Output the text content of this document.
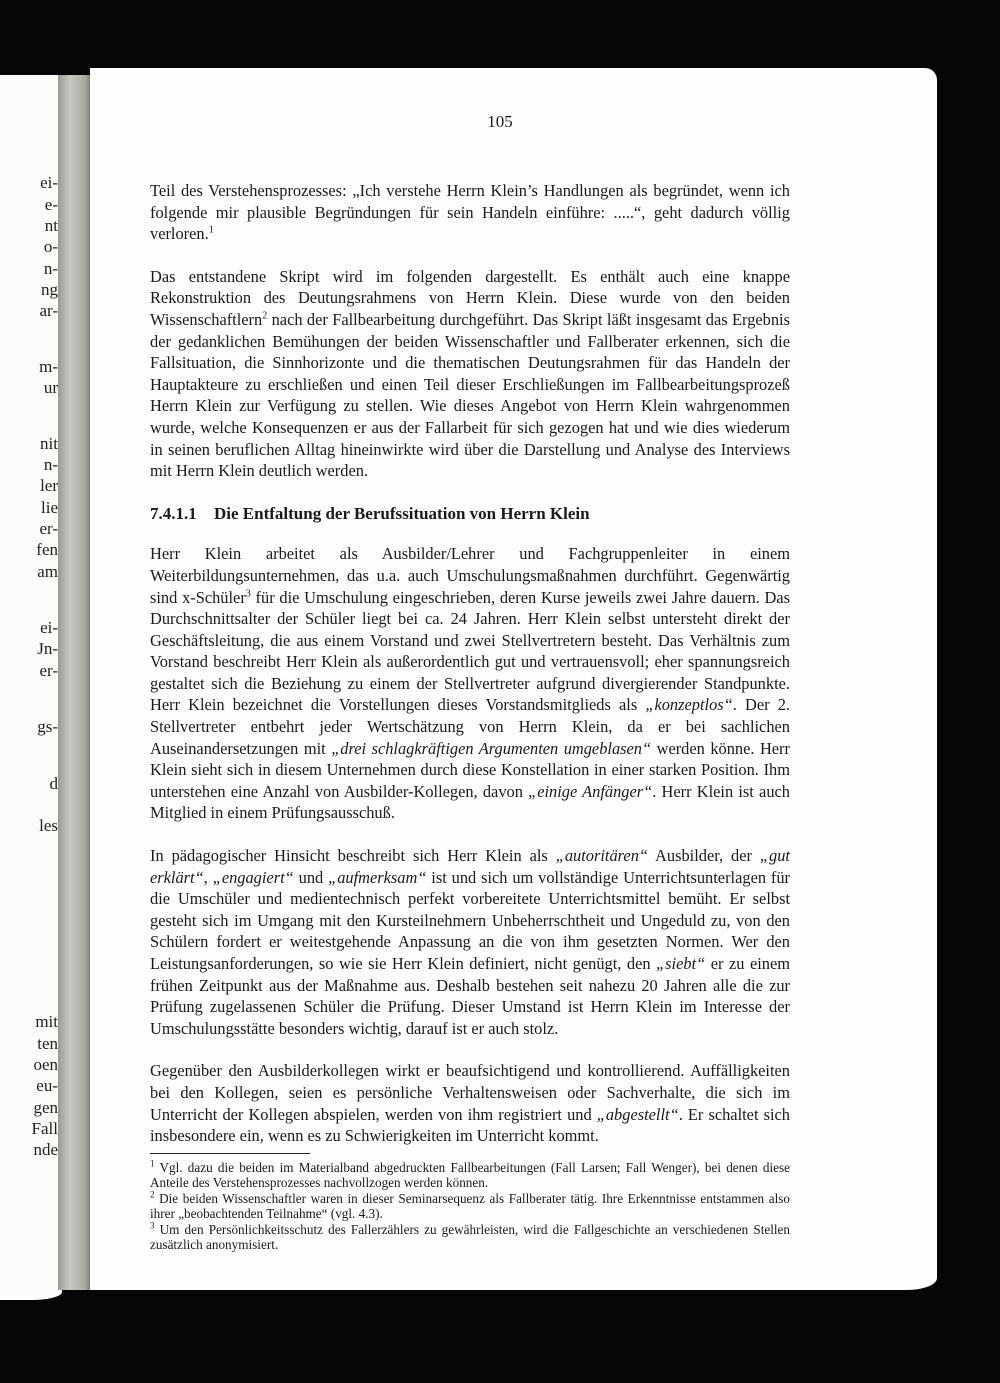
ei-
e-
nt
o-
n-
ng
ar-
m-
ur
nit
n-
ler
lie
er-
fen
am
ei-
Jn-
er-
gs-
d
les
mit
ten
oen
eu-
gen
Fall
nde
105

Teil des Verstehensprozesses: „Ich verstehe Herrn Klein’s Handlungen als begründet, wenn ich folgende mir plausible Begründungen für sein Handeln einführe: .....“, geht dadurch völlig verloren.$^1$

Das entstandene Skript wird im folgenden dargestellt. Es enthält auch eine knappe Rekonstruktion des Deutungsrahmens von Herrn Klein. Diese wurde von den beiden Wissenschaftlern$^2$ nach der Fallbearbeitung durchgeführt. Das Skript läßt insgesamt das Ergebnis der gedanklichen Bemühungen der beiden Wissenschaftler und Fallberater erkennen, sich die Fallsituation, die Sinnhorizonte und die thematischen Deutungsrahmen für das Handeln der Hauptakteure zu erschließen und einen Teil dieser Erschließungen im Fallbearbeitungsprozeß Herrn Klein zur Verfügung zu stellen. Wie dieses Angebot von Herrn Klein wahrgenommen wurde, welche Konsequenzen er aus der Fallarbeit für sich gezogen hat und wie dies wiederum in seinen beruflichen Alltag hineinwirkte wird über die Darstellung und Analyse des Interviews mit Herrn Klein deutlich werden.

7.4.1.1 Die Entfaltung der Berufssituation von Herrn Klein

Herr Klein arbeitet als Ausbilder/Lehrer und Fachgruppenleiter in einem Weiterbildungsunternehmen, das u.a. auch Umschulungsmaßnahmen durchführt. Gegenwärtig sind x-Schüler$^3$ für die Umschulung eingeschrieben, deren Kurse jeweils zwei Jahre dauern. Das Durchschnittsalter der Schüler liegt bei ca. 24 Jahren. Herr Klein selbst untersteht direkt der Geschäftsleitung, die aus einem Vorstand und zwei Stellvertretern besteht. Das Verhältnis zum Vorstand beschreibt Herr Klein als außerordentlich gut und vertrauensvoll; eher spannungsreich gestaltet sich die Beziehung zu einem der Stellvertreter aufgrund divergierender Standpunkte. Herr Klein bezeichnet die Vorstellungen dieses Vorstandsmitglieds als „konzeptlos“. Der 2. Stellvertreter entbehrt jeder Wertschätzung von Herrn Klein, da er bei sachlichen Auseinandersetzungen mit „drei schlagkräftigen Argumenten umgeblasen“ werden könne. Herr Klein sieht sich in diesem Unternehmen durch diese Konstellation in einer starken Position. Ihm unterstehen eine Anzahl von Ausbilder-Kollegen, davon „einige Anfänger“. Herr Klein ist auch Mitglied in einem Prüfungsausschuß.

In pädagogischer Hinsicht beschreibt sich Herr Klein als „autoritären“ Ausbilder, der „gut erklärt“, „engagiert“ und „aufmerksam“ ist und sich um vollständige Unterrichtsunterlagen für die Umschüler und medientechnisch perfekt vorbereitete Unterrichtsmittel bemüht. Er selbst gesteht sich im Umgang mit den Kursteilnehmern Unbeherrschtheit und Ungeduld zu, von den Schülern fordert er weitestgehende Anpassung an die von ihm gesetzten Normen. Wer den Leistungsanforderungen, so wie sie Herr Klein definiert, nicht genügt, den „siebt“ er zu einem frühen Zeitpunkt aus der Maßnahme aus. Deshalb bestehen seit nahezu 20 Jahren alle die zur Prüfung zugelassenen Schüler die Prüfung. Dieser Umstand ist Herrn Klein im Interesse der Umschulungsstätte besonders wichtig, darauf ist er auch stolz.

Gegenüber den Ausbilderkollegen wirkt er beaufsichtigend und kontrollierend. Auffälligkeiten bei den Kollegen, seien es persönliche Verhaltensweisen oder Sachverhalte, die sich im Unterricht der Kollegen abspielen, werden von ihm registriert und „abgestellt“. Er schaltet sich insbesondere ein, wenn es zu Schwierigkeiten im Unterricht kommt.

$^1$ Vgl. dazu die beiden im Materialband abgedruckten Fallbearbeitungen (Fall Larsen; Fall Wenger), bei denen diese Anteile des Verstehensprozesses nachvollzogen werden können.
$^2$ Die beiden Wissenschaftler waren in dieser Seminarsequenz als Fallberater tätig. Ihre Erkenntnisse entstammen also ihrer „beobachtenden Teilnahme“ (vgl. 4.3).
$^3$ Um den Persönlichkeitsschutz des Fallerzählers zu gewährleisten, wird die Fallgeschichte an verschiedenen Stellen zusätzlich anonymisiert.
